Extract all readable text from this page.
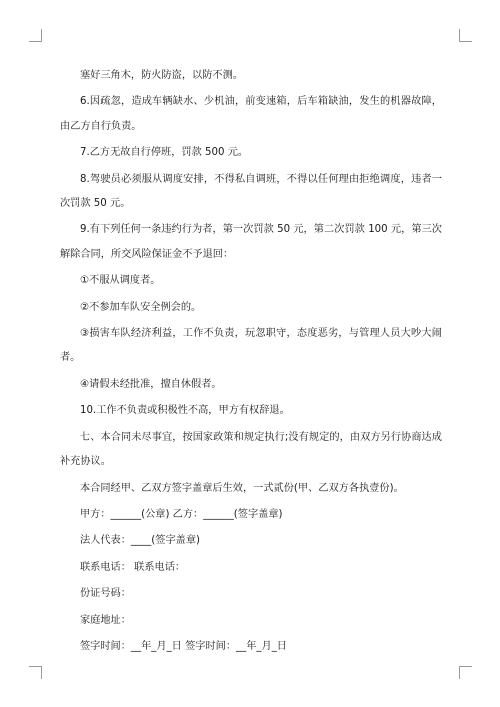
塞好三角木，防火防盗，以防不测。

6.因疏忽，造成车辆缺水、少机油，前变速箱，后车箱缺油，发生的机器故障，由乙方自行负责。

7.乙方无故自行停班，罚款 500 元。

8.驾驶员必须服从调度安排，不得私自调班，不得以任何理由拒绝调度，违者一次罚款 50 元。

9.有下列任何一条违约行为者，第一次罚款 50 元，第二次罚款 100 元，第三次解除合同，所交风险保证金不予退回：

①不服从调度者。

②不参加车队安全例会的。

③损害车队经济利益，工作不负责，玩忽职守，态度恶劣，与管理人员大吵大闹者。

④请假未经批准，擅自休假者。

10.工作不负责或积极性不高，甲方有权辞退。

七、本合同未尽事宜，按国家政策和规定执行;没有规定的，由双方另行协商达成补充协议。

本合同经甲、乙双方签字盖章后生效，一式贰份(甲、乙双方各执壹份)。

甲方：______(公章) 乙方：______(签字盖章)

法人代表：____(签字盖章)

联系电话： 联系电话：

份证号码：

家庭地址：

签字时间：__年_月_日 签字时间：__年_月_日
